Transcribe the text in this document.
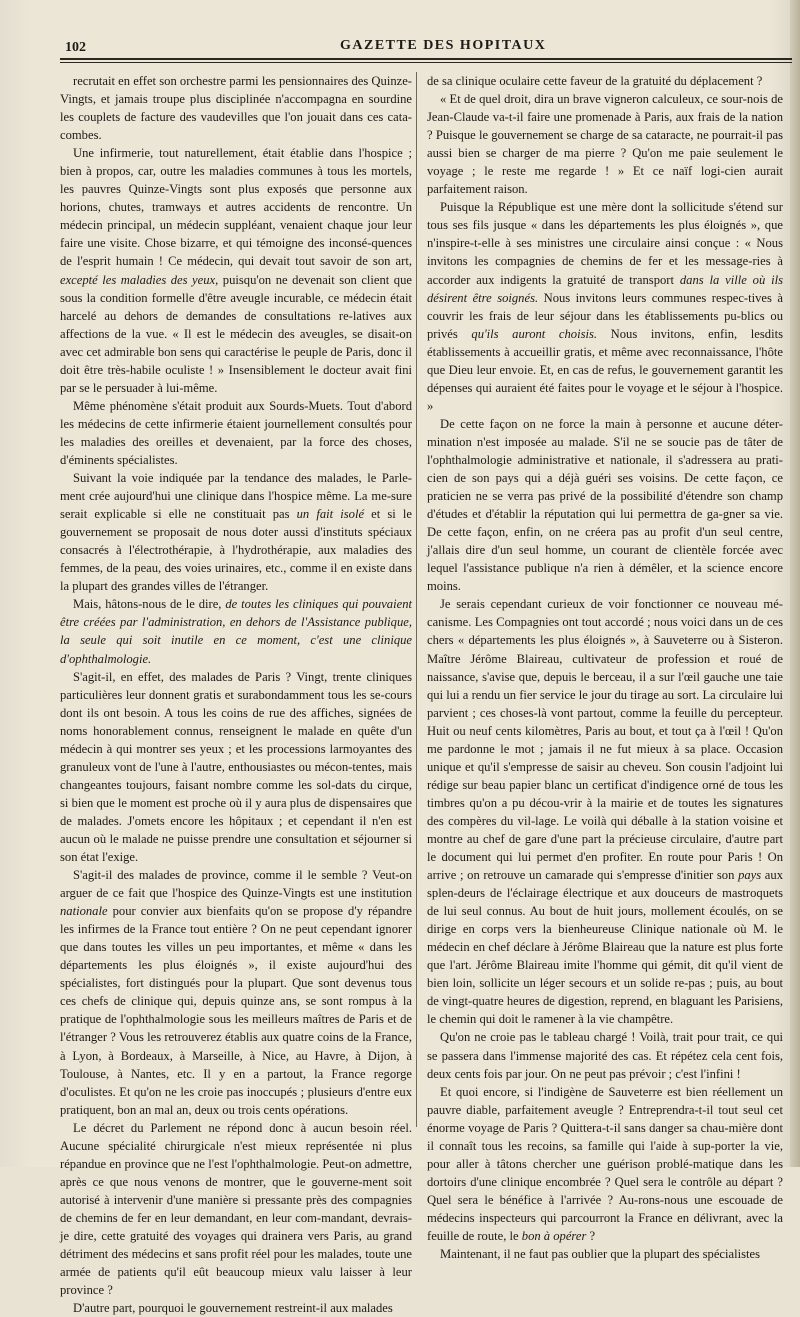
102	GAZETTE DES HOPITAUX

recrutait en effet son orchestre parmi les pensionnaires des Quinze-Vingts, et jamais troupe plus disciplinée n'accompagna en sourdine les couplets de facture des vaudevilles que l'on jouait dans ces cata-combes.

Une infirmerie, tout naturellement, était établie dans l'hospice ; bien à propos, car, outre les maladies communes à tous les mortels, les pauvres Quinze-Vingts sont plus exposés que personne aux horions, chutes, tramways et autres accidents de rencontre. Un médecin principal, un médecin suppléant, venaient chaque jour leur faire une visite. Chose bizarre, et qui témoigne des inconsé-quences de l'esprit humain ! Ce médecin, qui devait tout savoir de son art, excepté les maladies des yeux, puisqu'on ne devenait son client que sous la condition formelle d'être aveugle incurable, ce médecin était harcelé au dehors de demandes de consultations re-latives aux affections de la vue. « Il est le médecin des aveugles, se disait-on avec cet admirable bon sens qui caractérise le peuple de Paris, donc il doit être très-habile oculiste ! » Insensiblement le docteur avait fini par se le persuader à lui-même.

Même phénomène s'était produit aux Sourds-Muets. Tout d'abord les médecins de cette infirmerie étaient journellement consultés pour les maladies des oreilles et devenaient, par la force des choses, d'éminents spécialistes.

Suivant la voie indiquée par la tendance des malades, le Parle-ment crée aujourd'hui une clinique dans l'hospice même. La me-sure serait explicable si elle ne constituait pas un fait isolé et si le gouvernement se proposait de nous doter aussi d'instituts spéciaux consacrés à l'électrothérapie, à l'hydrothérapie, aux maladies des femmes, de la peau, des voies urinaires, etc., comme il en existe dans la plupart des grandes villes de l'étranger.

Mais, hâtons-nous de le dire, de toutes les cliniques qui pouvaient être créées par l'administration, en dehors de l'Assistance publique, la seule qui soit inutile en ce moment, c'est une clinique d'ophthalmologie.

S'agit-il, en effet, des malades de Paris ? Vingt, trente cliniques particulières leur donnent gratis et surabondamment tous les se-cours dont ils ont besoin. A tous les coins de rue des affiches, signées de noms honorablement connus, renseignent le malade en quête d'un médecin à qui montrer ses yeux ; et les processions larmoyantes des granuleux vont de l'une à l'autre, enthousiastes ou mécon-tentes, mais changeantes toujours, faisant nombre comme les sol-dats du cirque, si bien que le moment est proche où il y aura plus de dispensaires que de malades. J'omets encore les hôpitaux ; et cependant il n'en est aucun où le malade ne puisse prendre une consultation et séjourner si son état l'exige.

S'agit-il des malades de province, comme il le semble ? Veut-on arguer de ce fait que l'hospice des Quinze-Vingts est une institution nationale pour convier aux bienfaits qu'on se propose d'y répandre les infirmes de la France tout entière ? On ne peut cependant ignorer que dans toutes les villes un peu importantes, et même « dans les départements les plus éloignés », il existe aujourd'hui des spécialistes, fort distingués pour la plupart. Que sont devenus tous ces chefs de clinique qui, depuis quinze ans, se sont rompus à la pratique de l'ophthalmologie sous les meilleurs maîtres de Paris et de l'étranger ? Vous les retrouverez établis aux quatre coins de la France, à Lyon, à Bordeaux, à Marseille, à Nice, au Havre, à Dijon, à Toulouse, à Nantes, etc. Il y en a partout, la France regorge d'oculistes. Et qu'on ne les croie pas inoccupés ; plusieurs d'entre eux pratiquent, bon an mal an, deux ou trois cents opérations.

Le décret du Parlement ne répond donc à aucun besoin réel. Aucune spécialité chirurgicale n'est mieux représentée ni plus répandue en province que ne l'est l'ophthalmologie. Peut-on admettre, après ce que nous venons de montrer, que le gouverne-ment soit autorisé à intervenir d'une manière si pressante près des compagnies de chemins de fer en leur demandant, en leur com-mandant, devrais-je dire, cette gratuité des voyages qui drainera vers Paris, au grand détriment des médecins et sans profit réel pour les malades, toute une armée de patients qu'il eût beaucoup mieux valu laisser à leur province ?

D'autre part, pourquoi le gouvernement restreint-il aux malades

de sa clinique oculaire cette faveur de la gratuité du déplacement ?

« Et de quel droit, dira un brave vigneron calculeux, ce sour-nois de Jean-Claude va-t-il faire une promenade à Paris, aux frais de la nation ? Puisque le gouvernement se charge de sa cataracte, ne pourrait-il pas aussi bien se charger de ma pierre ? Qu'on me paie seulement le voyage ; le reste me regarde ! » Et ce naïf logi-cien aurait parfaitement raison.

Puisque la République est une mère dont la sollicitude s'étend sur tous ses fils jusque « dans les départements les plus éloignés », que n'inspire-t-elle à ses ministres une circulaire ainsi conçue : « Nous invitons les compagnies de chemins de fer et les message-ries à accorder aux indigents la gratuité de transport dans la ville où ils désirent être soignés. Nous invitons leurs communes respec-tives à couvrir les frais de leur séjour dans les établissements pu-blics ou privés qu'ils auront choisis. Nous invitons, enfin, lesdits établissements à accueillir gratis, et même avec reconnaissance, l'hôte que Dieu leur envoie. Et, en cas de refus, le gouvernement garantit les dépenses qui auraient été faites pour le voyage et le séjour à l'hospice. »

De cette façon on ne force la main à personne et aucune déter-mination n'est imposée au malade. S'il ne se soucie pas de tâter de l'ophthalmologie administrative et nationale, il s'adressera au prati-cien de son pays qui a déjà guéri ses voisins. De cette façon, ce praticien ne se verra pas privé de la possibilité d'étendre son champ d'études et d'établir la réputation qui lui permettra de ga-gner sa vie. De cette façon, enfin, on ne créera pas au profit d'un seul centre, j'allais dire d'un seul homme, un courant de clientèle forcée avec lequel l'assistance publique n'a rien à démêler, et la science encore moins.

Je serais cependant curieux de voir fonctionner ce nouveau mé-canisme. Les Compagnies ont tout accordé ; nous voici dans un de ces chers « départements les plus éloignés », à Sauveterre ou à Sisteron. Maître Jérôme Blaireau, cultivateur de profession et roué de naissance, s'avise que, depuis le berceau, il a sur l'œil gauche une taie qui lui a rendu un fier service le jour du tirage au sort. La circulaire lui parvient ; ces choses-là vont partout, comme la feuille du percepteur. Huit ou neuf cents kilomètres, Paris au bout, et tout ça à l'œil ! Qu'on me pardonne le mot ; jamais il ne fut mieux à sa place. Occasion unique et qu'il s'empresse de saisir au cheveu. Son cousin l'adjoint lui rédige sur beau papier blanc un certificat d'indigence orné de tous les timbres qu'on a pu décou-vrir à la mairie et de toutes les signatures des compères du vil-lage. Le voilà qui déballe à la station voisine et montre au chef de gare d'une part la précieuse circulaire, d'autre part le document qui lui permet d'en profiter. En route pour Paris ! On arrive ; on retrouve un camarade qui s'empresse d'initier son pays aux splen-deurs de l'éclairage électrique et aux douceurs de mastroquets de lui seul connus. Au bout de huit jours, mollement écoulés, on se dirige en corps vers la bienheureuse Clinique nationale où M. le médecin en chef déclare à Jérôme Blaireau que la nature est plus forte que l'art. Jérôme Blaireau imite l'homme qui gémit, dit qu'il vient de bien loin, sollicite un léger secours et un solide re-pas ; puis, au bout de vingt-quatre heures de digestion, reprend, en blaguant les Parisiens, le chemin qui doit le ramener à la vie champêtre.

Qu'on ne croie pas le tableau chargé ! Voilà, trait pour trait, ce qui se passera dans l'immense majorité des cas. Et répétez cela cent fois, deux cents fois par jour. On ne peut pas prévoir ; c'est l'infini !

Et quoi encore, si l'indigène de Sauveterre est bien réellement un pauvre diable, parfaitement aveugle ? Entreprendra-t-il tout seul cet énorme voyage de Paris ? Quittera-t-il sans danger sa chau-mière dont il connaît tous les recoins, sa famille qui l'aide à sup-porter la vie, pour aller à tâtons chercher une guérison problé-matique dans les dortoirs d'une clinique encombrée ? Quel sera le contrôle au départ ? Quel sera le bénéfice à l'arrivée ? Au-rons-nous une escouade de médecins inspecteurs qui parcourront la France en délivrant, avec la feuille de route, le bon à opérer ?

Maintenant, il ne faut pas oublier que la plupart des spécialistes
